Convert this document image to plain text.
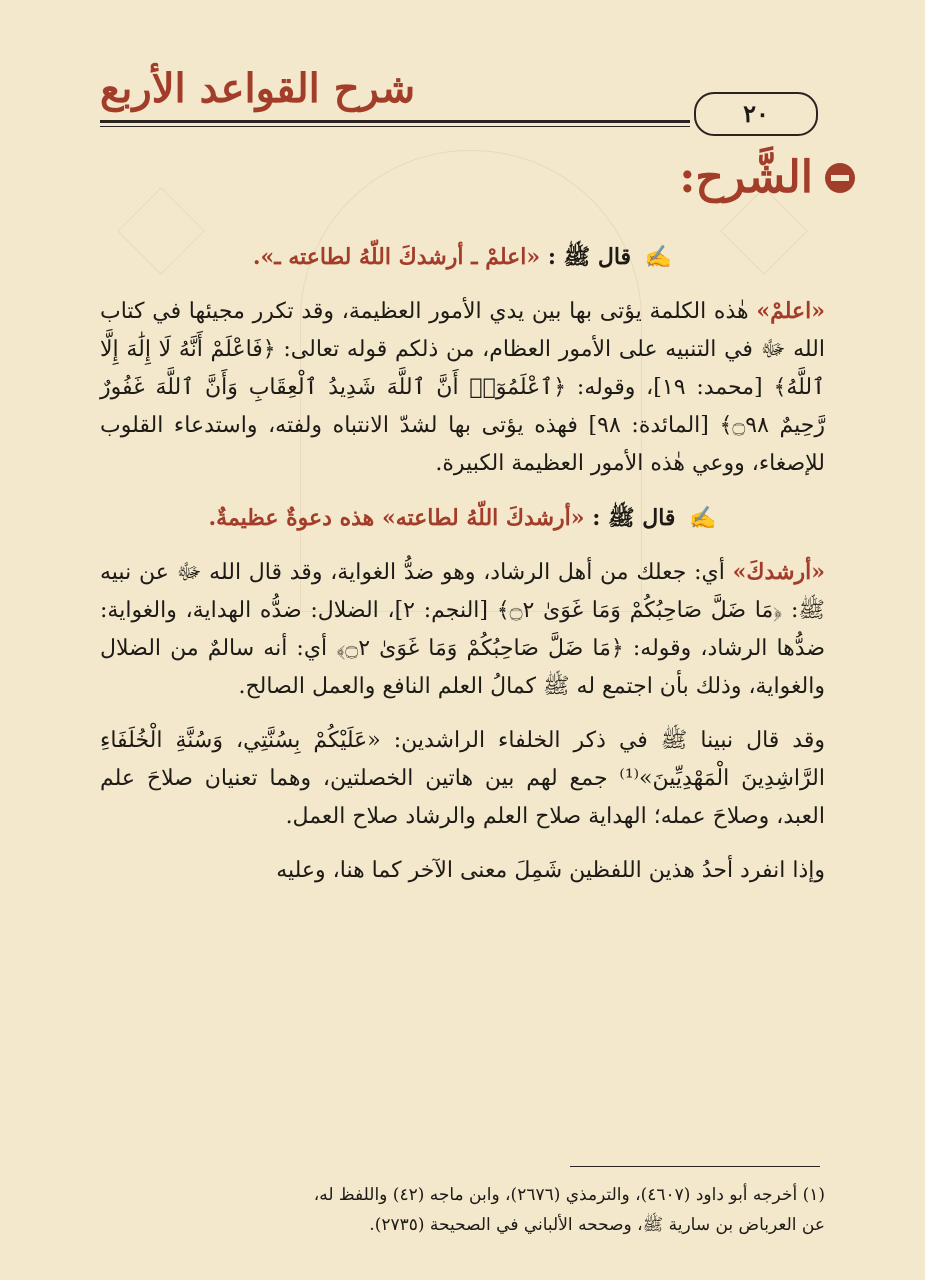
شرح القواعد الأربع
٢٠
الشَّرح:

✍ قال ﷺ : «اعلمْ ـ أرشدكَ اللّهُ لطاعته ـ».

«اعلمْ» هٰذه الكلمة يؤتى بها بين يدي الأمور العظيمة، وقد تكرر مجيئها في كتاب الله ﷻ في التنبيه على الأمور العظام، من ذلكم قوله تعالى: ﴿فَاعْلَمْ أَنَّهُ لَا إِلَٰهَ إِلَّا ٱللَّهُ﴾ [محمد: ١٩]، وقوله: ﴿ٱعْلَمُوٓا۟ أَنَّ ٱللَّهَ شَدِيدُ ٱلْعِقَابِ وَأَنَّ ٱللَّهَ غَفُورٌ رَّحِيمٌ ۝٩٨﴾ [المائدة: ٩٨] فهذه يؤتى بها لشدّ الانتباه ولفته، واستدعاء القلوب للإصغاء، ووعي هٰذه الأمور العظيمة الكبيرة.

✍ قال ﷺ : «أرشدكَ اللّهُ لطاعته» هذه دعوةٌ عظيمةٌ.

«أرشدكَ» أي: جعلك من أهل الرشاد، وهو ضدُّ الغواية، وقد قال الله ﷻ عن نبيه ﷺ: ﴿مَا ضَلَّ صَاحِبُكُمْ وَمَا غَوَىٰ ۝٢﴾ [النجم: ٢]، الضلال: ضدُّه الهداية، والغواية: ضدُّها الرشاد، وقوله: ﴿مَا ضَلَّ صَاحِبُكُمْ وَمَا غَوَىٰ ۝٢﴾ أي: أنه سالمٌ من الضلال والغواية، وذلك بأن اجتمع له ﷺ كمالُ العلم النافع والعمل الصالح.

وقد قال نبينا ﷺ في ذكر الخلفاء الراشدين: «عَلَيْكُمْ بِسُنَّتِي، وَسُنَّةِ الْخُلَفَاءِ الرَّاشِدِينَ الْمَهْدِيِّينَ»⁽¹⁾ جمع لهم بين هاتين الخصلتين، وهما تعنيان صلاحَ علم العبد، وصلاحَ عمله؛ الهداية صلاح العلم والرشاد صلاح العمل.

وإذا انفرد أحدُ هذين اللفظين شَمِلَ معنى الآخر كما هنا، وعليه

(١) أخرجه أبو داود (٤٦٠٧)، والترمذي (٢٦٧٦)، وابن ماجه (٤٢) واللفظ له،

عن العرباض بن سارية ﷺ، وصححه الألباني في الصحيحة (٢٧٣٥).
